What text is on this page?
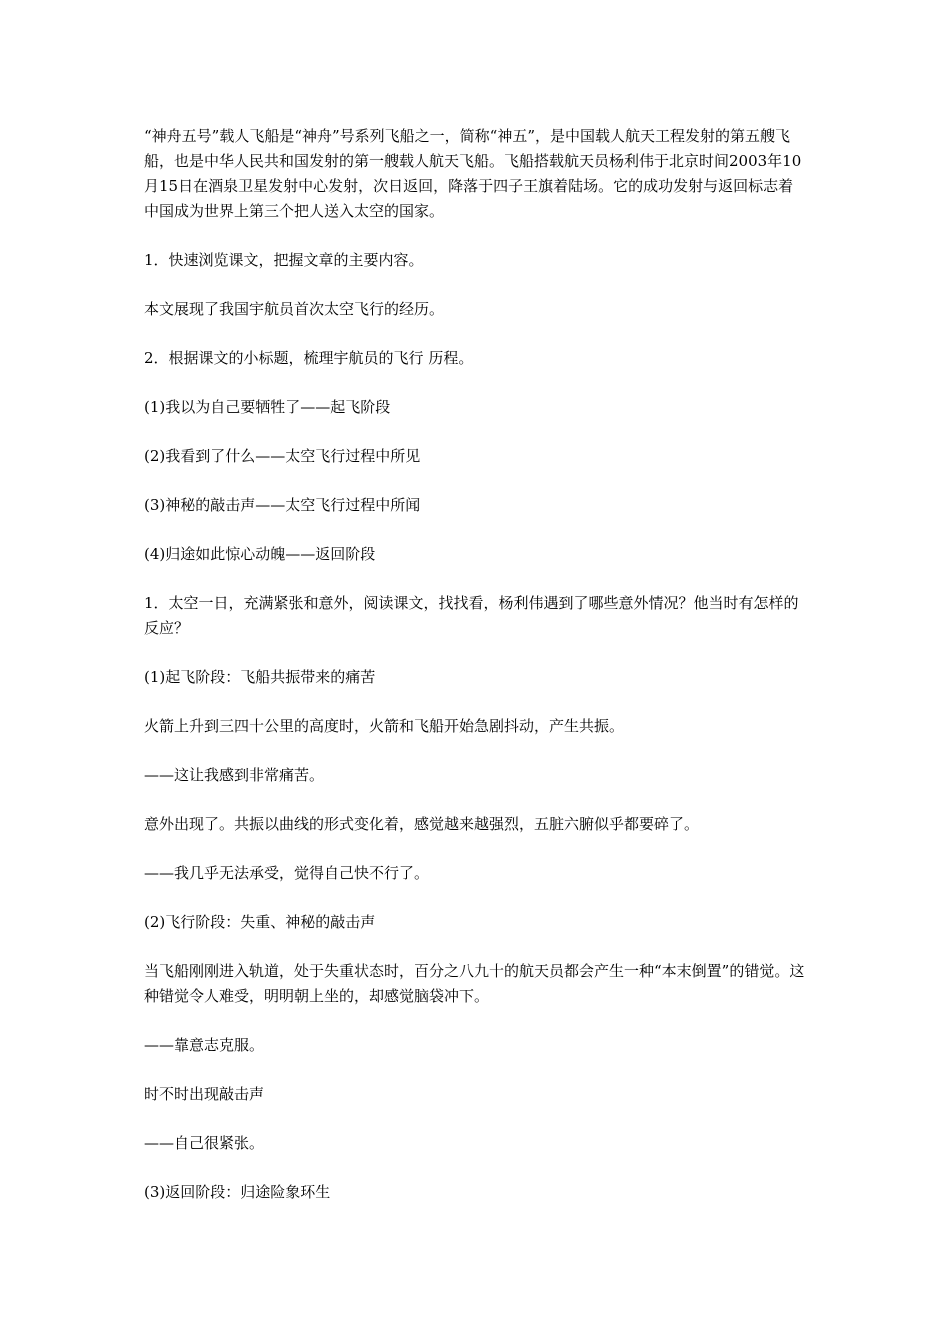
“神舟五号”载人飞船是“神舟”号系列飞船之一，简称“神五”，是中国载人航天工程发射的第五艘飞船，也是中华人民共和国发射的第一艘载人航天飞船。飞船搭载航天员杨利伟于北京时间2003年10月15日在酒泉卫星发射中心发射，次日返回，降落于四子王旗着陆场。它的成功发射与返回标志着中国成为世界上第三个把人送入太空的国家。

1．快速浏览课文，把握文章的主要内容。

本文展现了我国宇航员首次太空飞行的经历。

2．根据课文的小标题，梳理宇航员的飞行 历程。

(1)我以为自己要牺牲了——起飞阶段

(2)我看到了什么——太空飞行过程中所见

(3)神秘的敲击声——太空飞行过程中所闻

(4)归途如此惊心动魄——返回阶段

1．太空一日，充满紧张和意外，阅读课文，找找看，杨利伟遇到了哪些意外情况？他当时有怎样的反应？

(1)起飞阶段：飞船共振带来的痛苦

火箭上升到三四十公里的高度时，火箭和飞船开始急剧抖动，产生共振。

——这让我感到非常痛苦。

意外出现了。共振以曲线的形式变化着，感觉越来越强烈，五脏六腑似乎都要碎了。

——我几乎无法承受，觉得自己快不行了。

(2)飞行阶段：失重、神秘的敲击声

当飞船刚刚进入轨道，处于失重状态时，百分之八九十的航天员都会产生一种“本末倒置”的错觉。这种错觉令人难受，明明朝上坐的，却感觉脑袋冲下。

——靠意志克服。

时不时出现敲击声

——自己很紧张。

(3)返回阶段：归途险象环生
